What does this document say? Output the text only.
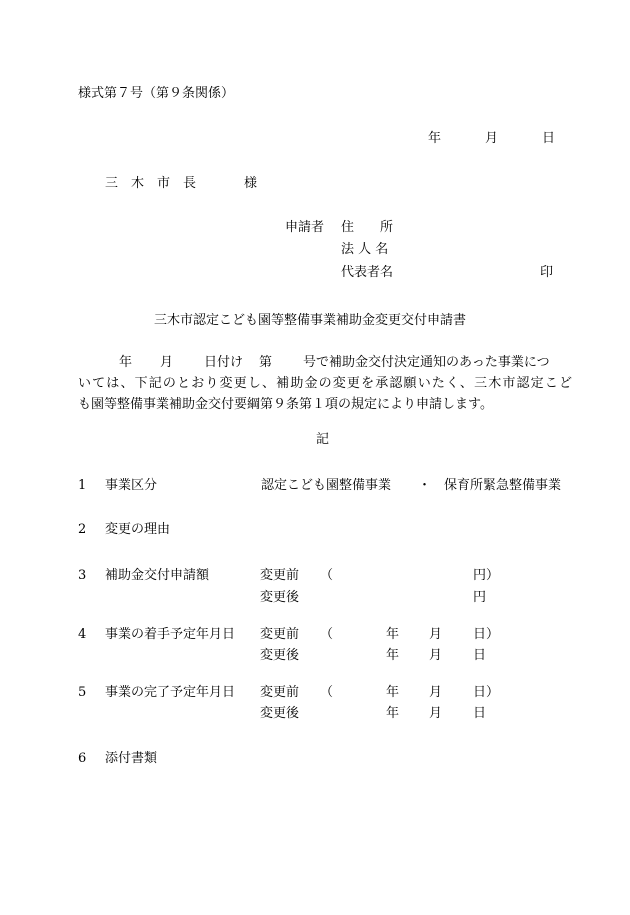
様式第７号（第９条関係）
年	月	日
三　木　市　長	様
申請者 住　　所
法 人 名
代表者名	印
三木市認定こども園等整備事業補助金変更交付申請書
年 月 日付け 第 号で補助金交付決定通知のあった事業につ
いては、下記のとおり変更し、補助金の変更を承認願いたく、三木市認定こど
も園等整備事業補助金交付要綱第９条第１項の規定により申請します。
記
1 事業区分	認定こども園整備事業 ・ 保育所緊急整備事業
2 変更の理由
3 補助金交付申請額	変更前 （	円）
変更後	円
4 事業の着手予定年月日 変更前 （	年 月 日）
変更後	年 月 日
5 事業の完了予定年月日 変更前 （	年 月 日）
変更後	年 月 日
6 添付書類
